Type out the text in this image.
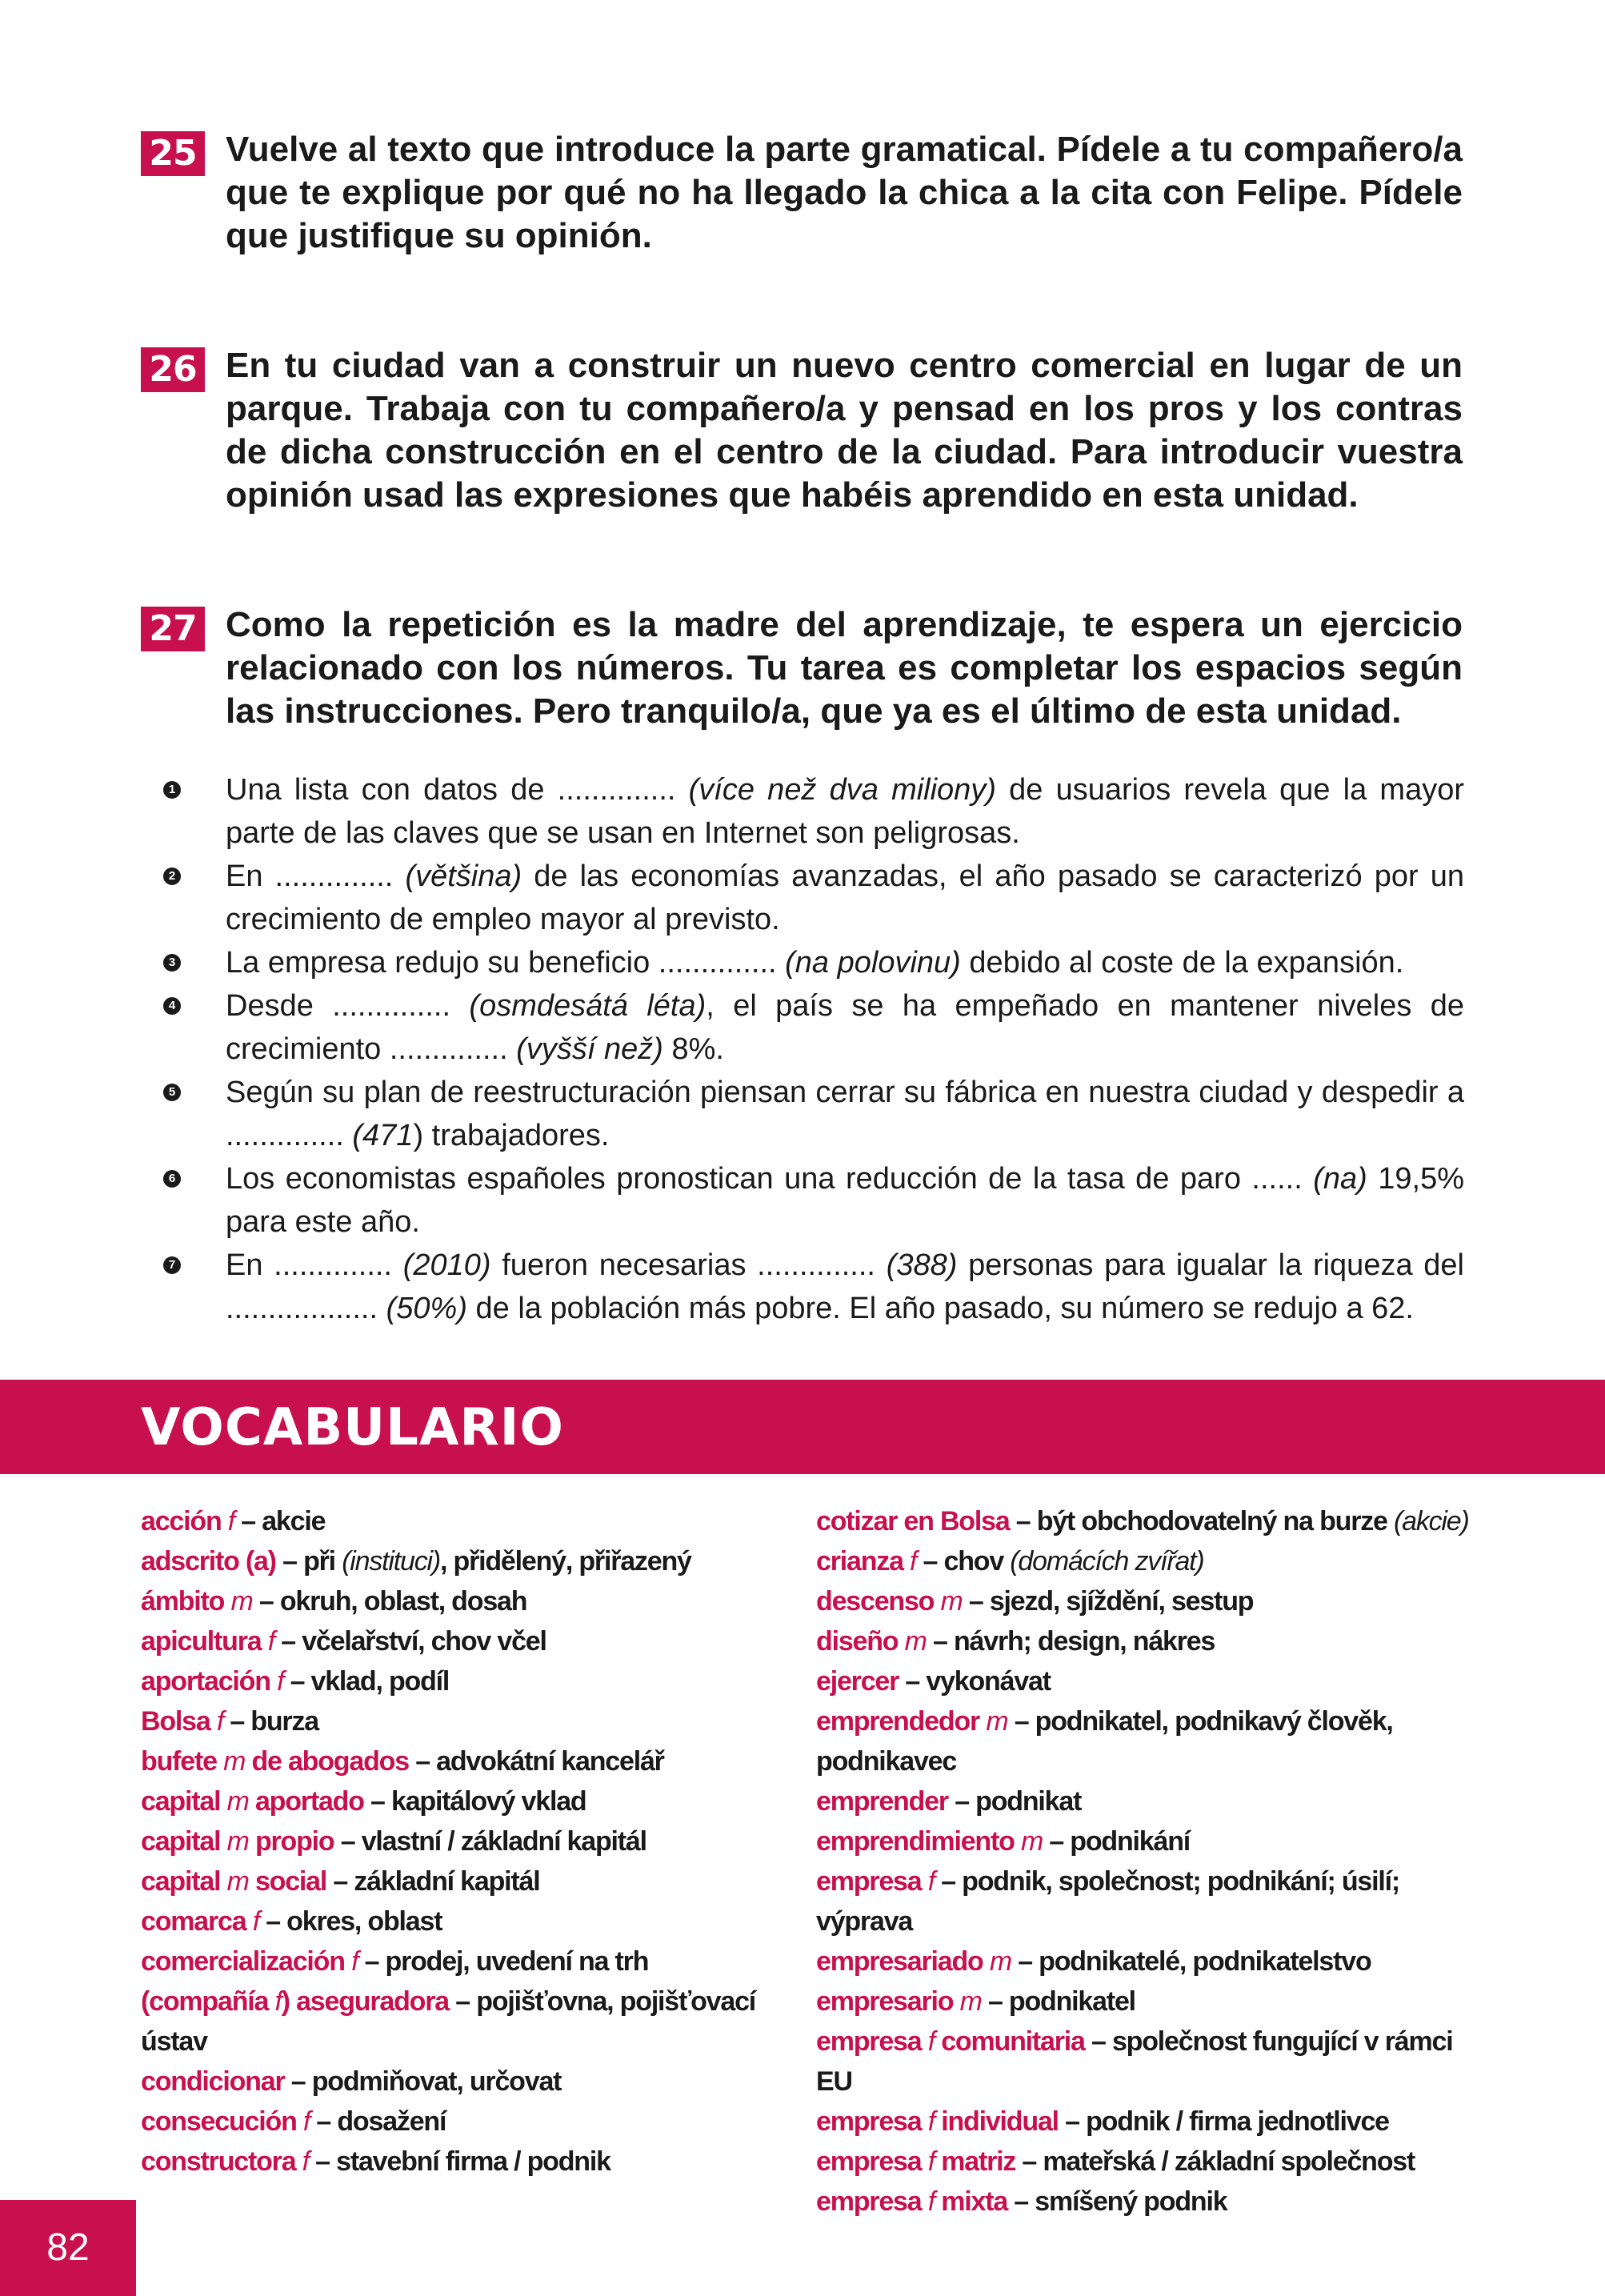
25 Vuelve al texto que introduce la parte gramatical. Pídele a tu compañero/a que te explique por qué no ha llegado la chica a la cita con Felipe. Pídele que justifique su opinión.
26 En tu ciudad van a construir un nuevo centro comercial en lugar de un parque. Trabaja con tu compañero/a y pensad en los pros y los contras de dicha construcción en el centro de la ciudad. Para introducir vuestra opinión usad las expresiones que habéis aprendido en esta unidad.
27 Como la repetición es la madre del aprendizaje, te espera un ejercicio relacionado con los números. Tu tarea es completar los espacios según las instrucciones. Pero tranquilo/a, que ya es el último de esta unidad.
1 Una lista con datos de .............. (více než dva miliony) de usuarios revela que la mayor parte de las claves que se usan en Internet son peligrosas.
2 En .............. (většina) de las economías avanzadas, el año pasado se caracterizó por un crecimiento de empleo mayor al previsto.
3 La empresa redujo su beneficio .............. (na polovinu) debido al coste de la expansión.
4 Desde .............. (osmdesátá léta), el país se ha empeñado en mantener niveles de crecimiento .............. (vyšší než) 8%.
5 Según su plan de reestructuración piensan cerrar su fábrica en nuestra ciudad y despedir a .............. (471) trabajadores.
6 Los economistas españoles pronostican una reducción de la tasa de paro ...... (na) 19,5% para este año.
7 En .............. (2010) fueron necesarias .............. (388) personas para igualar la riqueza del .................. (50%) de la población más pobre. El año pasado, su número se redujo a 62.
VOCABULARIO
acción f – akcie
adscrito (a) – při (instituci), přidělený, přiřazený
ámbito m – okruh, oblast, dosah
apicultura f – včelařství, chov včel
aportación f – vklad, podíl
Bolsa f – burza
bufete m de abogados – advokátní kancelář
capital m aportado – kapitálový vklad
capital m propio – vlastní / základní kapitál
capital m social – základní kapitál
comarca f – okres, oblast
comercialización f – prodej, uvedení na trh
(compañía f) aseguradora – pojišťovna, pojišťovací ústav
condicionar – podmiňovat, určovat
consecución f – dosažení
constructora f – stavební firma / podnik
cotizar en Bolsa – být obchodovatelný na burze (akcie)
crianza f – chov (domácích zvířat)
descenso m – sjezd, sjíždění, sestup
diseño m – návrh; design, nákres
ejercer – vykonávat
emprendedor m – podnikatel, podnikavý člověk, podnikavec
emprender – podnikat
emprendimiento m – podnikání
empresa f – podnik, společnost; podnikání; úsilí; výprava
empresariado m – podnikatelé, podnikatelstvo
empresario m – podnikatel
empresa f comunitaria – společnost fungující v rámci EU
empresa f individual – podnik / firma jednotlivce
empresa f matriz – mateřská / základní společnost
empresa f mixta – smíšený podnik
82
